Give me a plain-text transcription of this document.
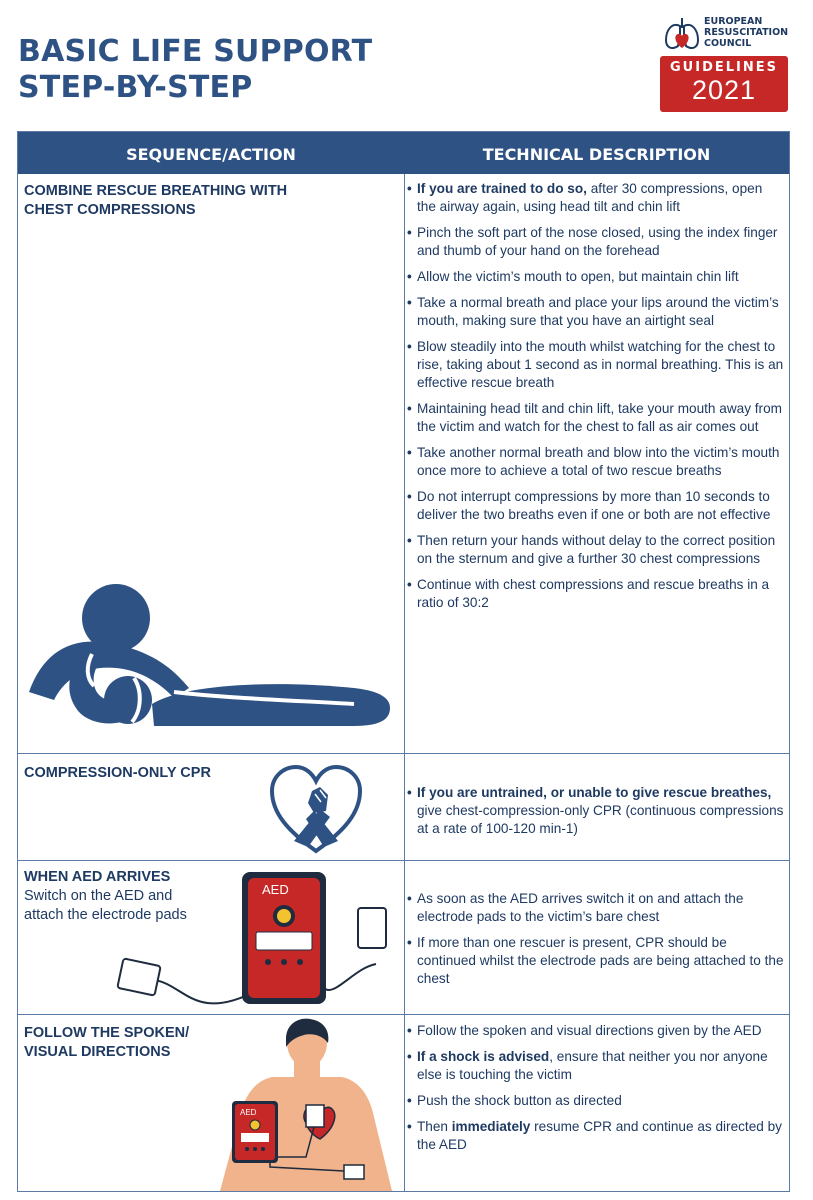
BASIC LIFE SUPPORT
STEP-BY-STEP
EUROPEAN
RESUSCITATION
COUNCIL
GUIDELINES
2021
SEQUENCE/ACTION	TECHNICAL DESCRIPTION
COMBINE RESCUE BREATHING WITH
CHEST COMPRESSIONS
• If you are trained to do so, after 30 compressions, open the airway again, using head tilt and chin lift
• Pinch the soft part of the nose closed, using the index finger and thumb of your hand on the forehead
• Allow the victim’s mouth to open, but maintain chin lift
• Take a normal breath and place your lips around the victim’s mouth, making sure that you have an airtight seal
• Blow steadily into the mouth whilst watching for the chest to rise, taking about 1 second as in normal breathing. This is an effective rescue breath
• Maintaining head tilt and chin lift, take your mouth away from the victim and watch for the chest to fall as air comes out
• Take another normal breath and blow into the victim’s mouth once more to achieve a total of two rescue breaths
• Do not interrupt compressions by more than 10 seconds to deliver the two breaths even if one or both are not effective
• Then return your hands without delay to the correct position on the sternum and give a further 30 chest compressions
• Continue with chest compressions and rescue breaths in a ratio of 30:2
COMPRESSION-ONLY CPR
• If you are untrained, or unable to give rescue breathes, give chest-compression-only CPR (continuous compressions at a rate of 100-120 min-1)
WHEN AED ARRIVES
Switch on the AED and
attach the electrode pads
AED
• As soon as the AED arrives switch it on and attach the electrode pads to the victim’s bare chest
• If more than one rescuer is present, CPR should be continued whilst the electrode pads are being attached to the chest
FOLLOW THE SPOKEN/
VISUAL DIRECTIONS
AED
• Follow the spoken and visual directions given by the AED
• If a shock is advised, ensure that neither you nor anyone else is touching the victim
• Push the shock button as directed
• Then immediately resume CPR and continue as directed by the AED
